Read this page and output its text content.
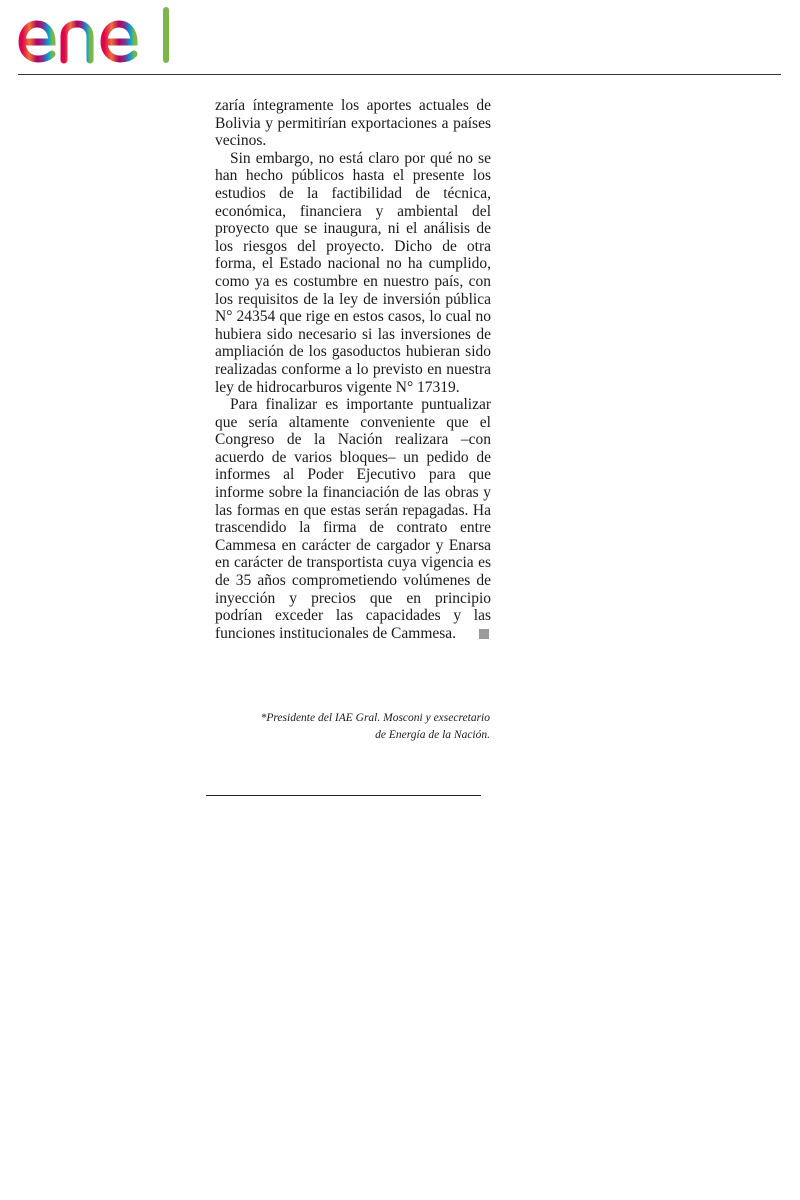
zaría íntegramente los aportes actuales de Bolivia y permitirían exportaciones a países vecinos.

Sin embargo, no está claro por qué no se han hecho públicos hasta el presente los estudios de la factibilidad de técnica, económica, financiera y ambiental del proyecto que se inaugura, ni el análisis de los riesgos del proyecto. Dicho de otra forma, el Estado nacional no ha cumplido, como ya es costumbre en nuestro país, con los requisitos de la ley de inversión pública N° 24354 que rige en estos casos, lo cual no hubiera sido necesario si las inversiones de ampliación de los gasoductos hubieran sido realizadas conforme a lo previsto en nuestra ley de hidrocarburos vigente N° 17319.

Para finalizar es importante puntualizar que sería altamente conveniente que el Congreso de la Nación realizara –con acuerdo de varios bloques– un pedido de informes al Poder Ejecutivo para que informe sobre la financiación de las obras y las formas en que estas serán repagadas. Ha trascendido la firma de contrato entre Cammesa en carácter de cargador y Enarsa en carácter de transportista cuya vigencia es de 35 años comprometiendo volúmenes de inyección y precios que en principio podrían exceder las capacidades y las funciones institucionales de Cammesa.

*Presidente del IAE Gral. Mosconi y exsecretario
de Energía de la Nación.
